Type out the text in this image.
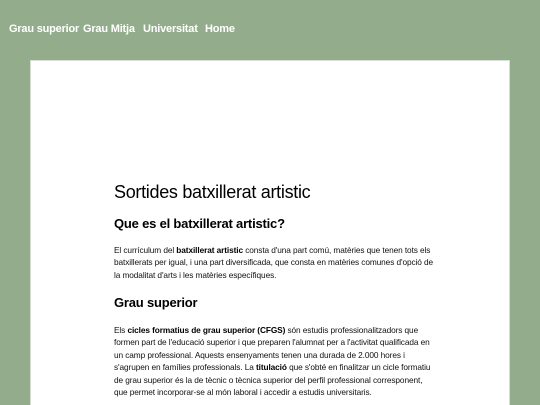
Grau superior Grau Mitja Universitat Home
Sortides batxillerat artistic
Que es el batxillerat artistic?

El currículum del batxillerat artistic consta d'una part comú, matèries que tenen tots els batxillerats per igual, i una part diversificada, que consta en matèries comunes d'opció de la modalitat d'arts i les matèries específiques.

Grau superior

Els cicles formatius de grau superior (CFGS) són estudis professionalitzadors que formen part de l'educació superior i que preparen l'alumnat per a l'activitat qualificada en un camp professional. Aquests ensenyaments tenen una durada de 2.000 hores i s'agrupen en famílies professionals. La titulació que s'obté en finalitzar un cicle formatiu de grau superior és la de tècnic o tècnica superior del perfil professional corresponent, que permet incorporar-se al món laboral i accedir a estudis universitaris.
